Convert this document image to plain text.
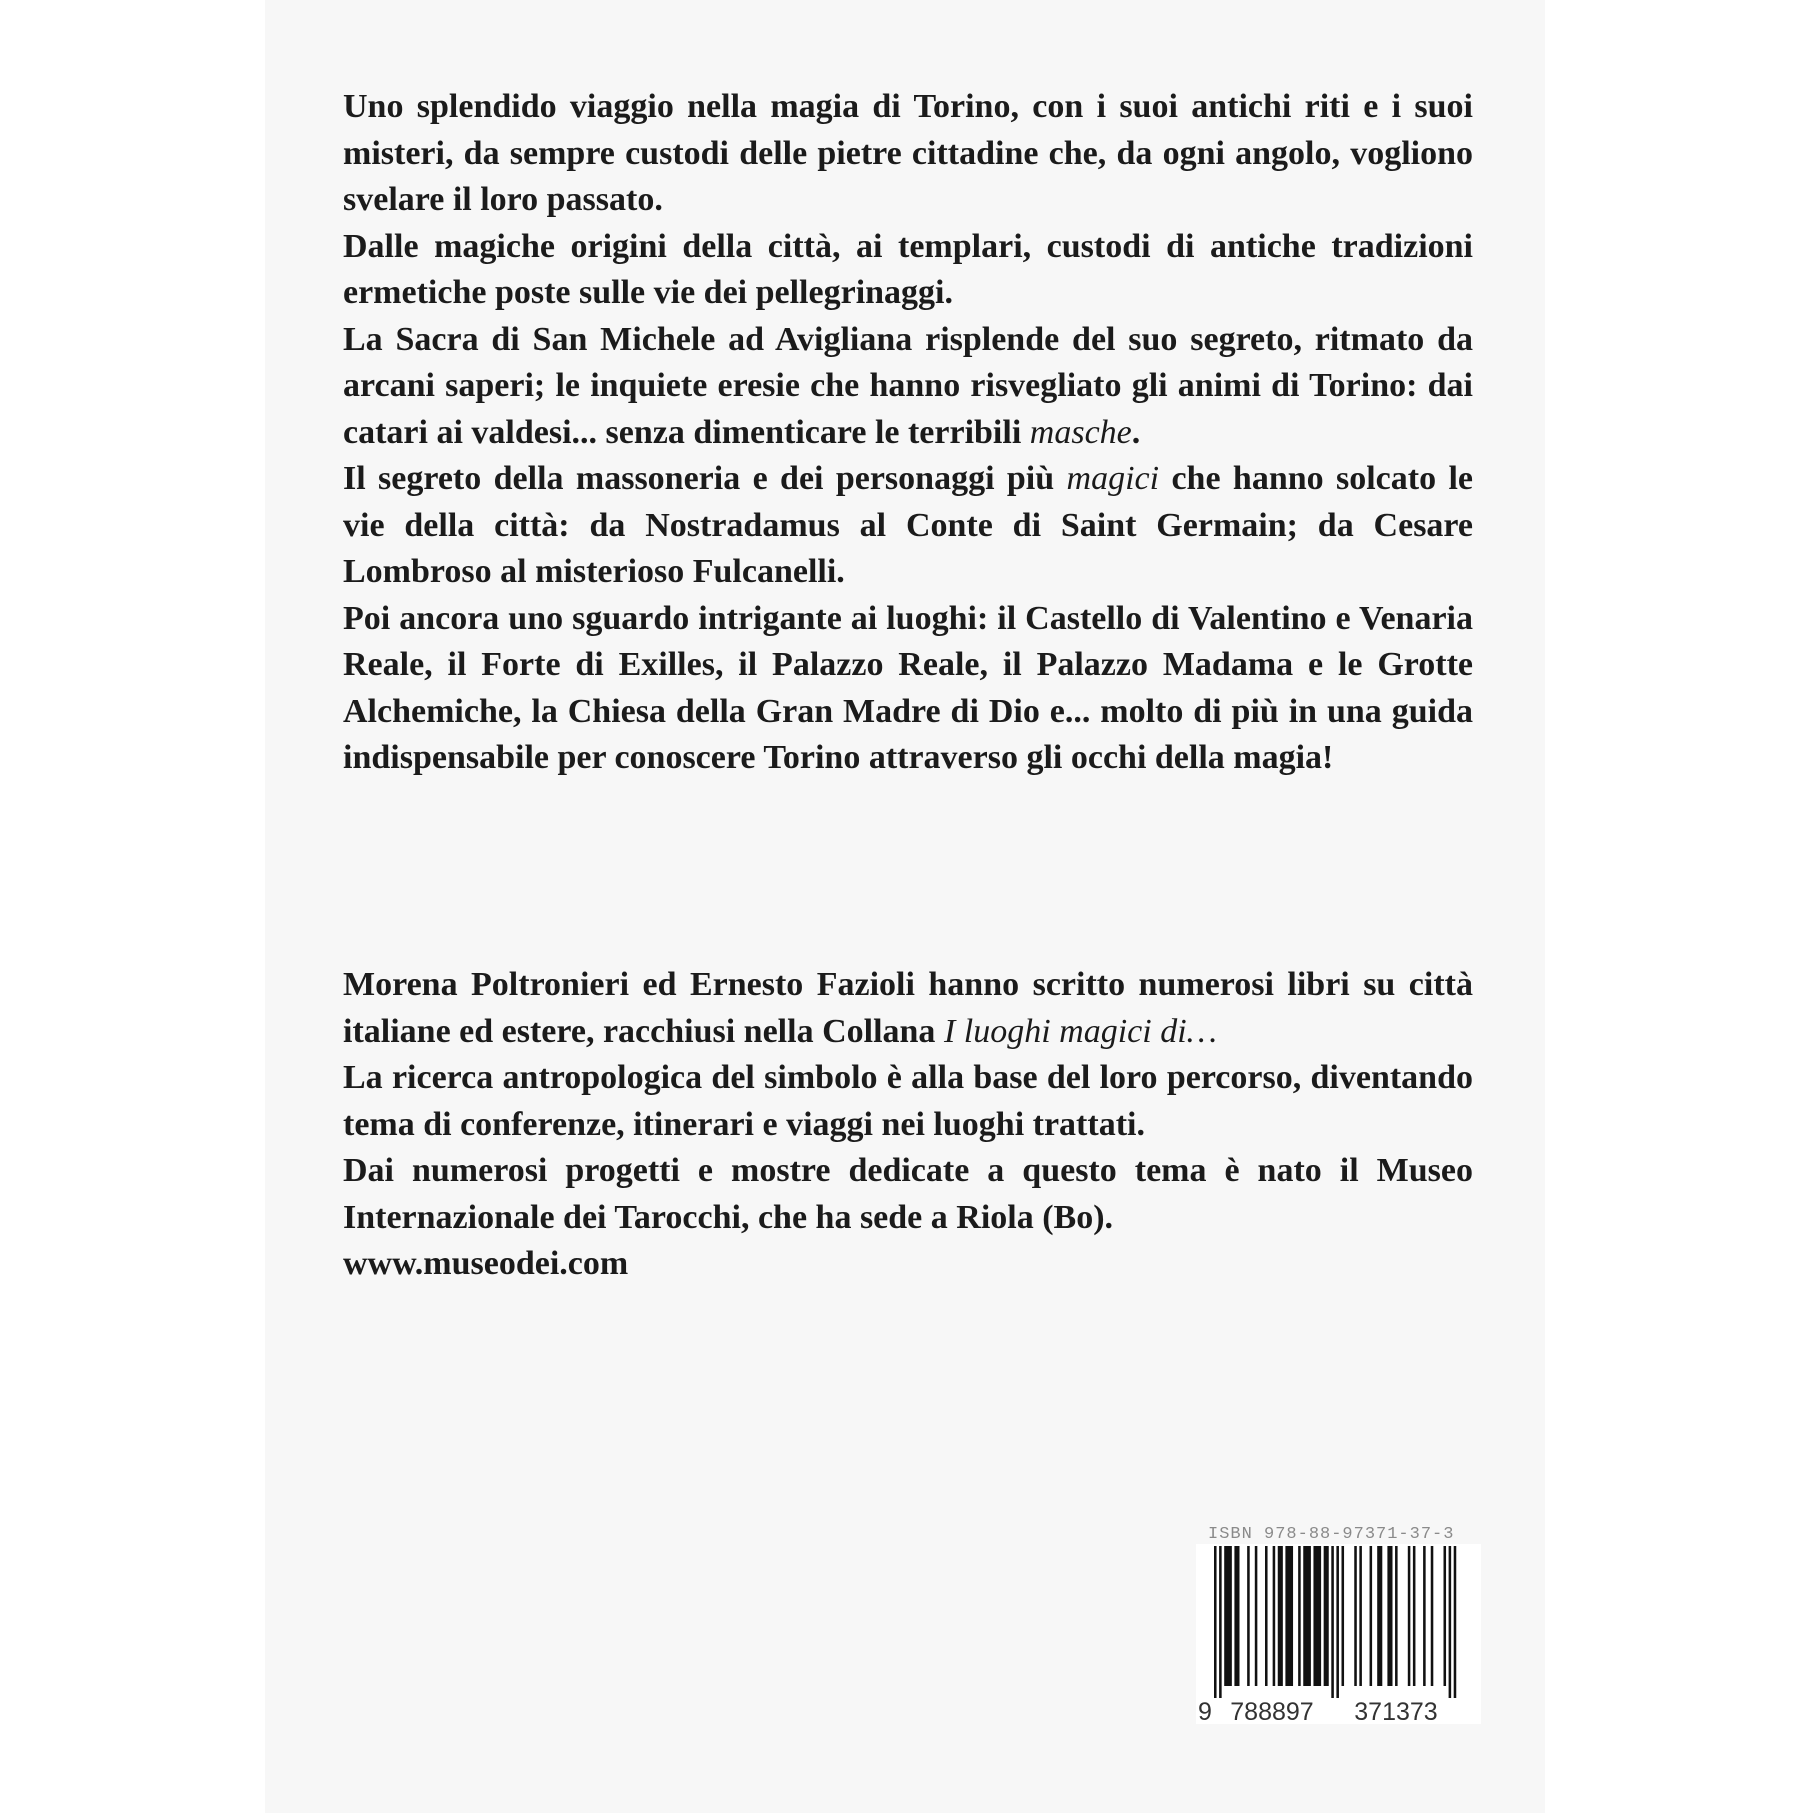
Uno splendido viaggio nella magia di Torino, con i suoi antichi riti e i suoi misteri, da sempre custodi delle pietre cittadine che, da ogni angolo, vogliono svelare il loro passato.

Dalle magiche origini della città, ai templari, custodi di antiche tradizioni ermetiche poste sulle vie dei pellegrinaggi.

La Sacra di San Michele ad Avigliana risplende del suo segreto, ritmato da arcani saperi; le inquiete eresie che hanno risvegliato gli animi di Torino: dai catari ai valdesi... senza dimenticare le terribili masche.

Il segreto della massoneria e dei personaggi più magici che hanno solcato le vie della città: da Nostradamus al Conte di Saint Germain; da Cesare Lombroso al misterioso Fulcanelli.

Poi ancora uno sguardo intrigante ai luoghi: il Castello di Valentino e Venaria Reale, il Forte di Exilles, il Palazzo Reale, il Palazzo Madama e le Grotte Alchemiche, la Chiesa della Gran Madre di Dio e... molto di più in una guida indispensabile per conoscere Torino attraverso gli occhi della magia!

Morena Poltronieri ed Ernesto Fazioli hanno scritto numerosi libri su città italiane ed estere, racchiusi nella Collana I luoghi magici di…

La ricerca antropologica del simbolo è alla base del loro percorso, diventando tema di conferenze, itinerari e viaggi nei luoghi trattati.

Dai numerosi progetti e mostre dedicate a questo tema è nato il Museo Internazionale dei Tarocchi, che ha sede a Riola (Bo).

www.museodei.com

ISBN 978-88-97371-37-3
9 788897 371373
